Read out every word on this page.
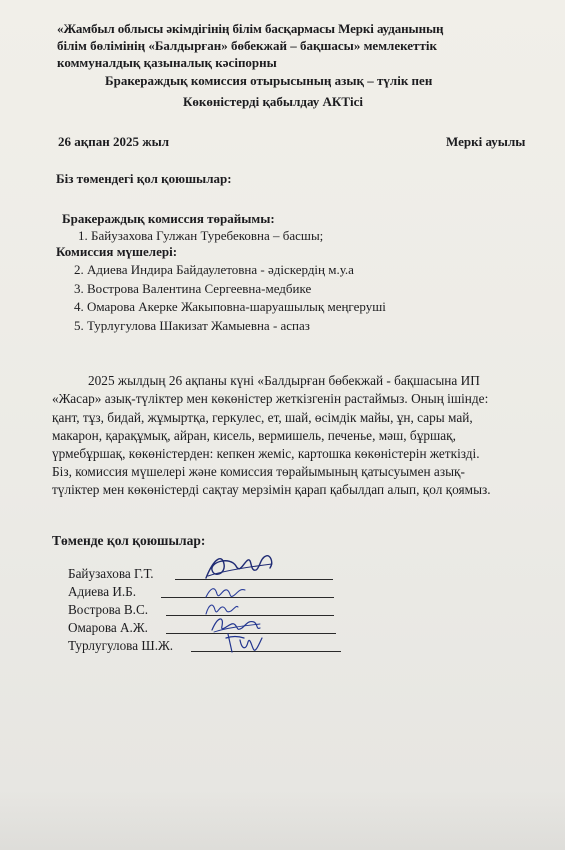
«Жамбыл облысы әкімдігінің білім басқармасы Меркі ауданының
білім бөлімінің «Балдырған» бөбекжай – бақшасы» мемлекеттік
коммуналдық қазыналық кәсіпорны
Бракераждық комиссия отырысының азық – түлік пен
Көкөністерді қабылдау АКТісі
26 ақпан 2025 жыл	Меркі ауылы
Біз төмендегі қол қоюшылар:
Бракераждық комиссия төрайымы:
1. Байузахова Гулжан Туребековна – басшы;
Комиссия мүшелері:
2. Адиева Индира Байдаулетовна - әдіскердің м.у.а
3. Вострова Валентина Сергеевна-медбике
4. Омарова Акерке Жакыповна-шаруашылық меңгеруші
5. Турлугулова Шакизат Жамыевна - аспаз
2025 жылдың 26 ақпаны күні «Балдырған бөбекжай - бақшасына ИП
«Жасар» азық-түліктер мен көкөністер жеткізгенін растаймыз. Оның ішінде:
қант, тұз, бидай, жұмыртқа, геркулес, ет, шай, өсімдік майы, ұн, сары май,
макарон, қарақұмық, айран, кисель, вермишель, печенье, мәш, бұршақ,
үрмебұршақ, көкөністерден: кепкен жеміс, картошка көкөністерін жеткізді.
Біз, комиссия мүшелері және комиссия төрайымының қатысуымен азық-
түліктер мен көкөністерді сақтау мерзімін қарап қабылдап алып, қол қоямыз.
Төменде қол қоюшылар:
Байузахова Г.Т.
Адиева И.Б.
Вострова В.С.
Омарова А.Ж.
Турлугулова Ш.Ж.
